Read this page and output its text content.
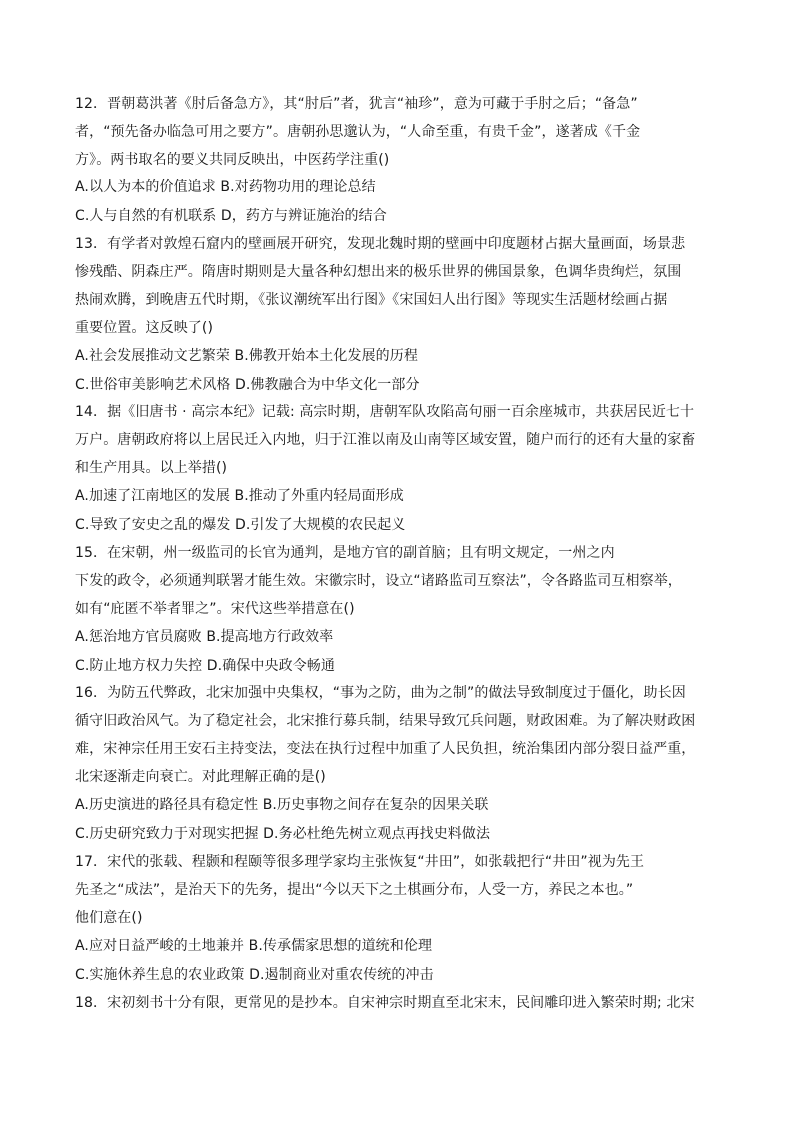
12．晋朝葛洪著《肘后备急方》，其“肘后”者，犹言“袖珍”，意为可藏于手肘之后；“备急”
者，“预先备办临急可用之要方”。唐朝孙思邈认为，“人命至重，有贵千金”，遂著成《千金
方》。两书取名的要义共同反映出，中医药学注重()
A.以人为本的价值追求 B.对药物功用的理论总结
C.人与自然的有机联系 D，药方与辨证施治的结合
13．有学者对敦煌石窟内的壁画展开研究，发现北魏时期的壁画中印度题材占据大量画面，场景悲
惨残酷、阴森庄严。隋唐时期则是大量各种幻想出来的极乐世界的佛国景象，色调华贵绚烂，氛围
热闹欢腾，到晚唐五代时期，《张议潮统军出行图》《宋国妇人出行图》等现实生活题材绘画占据
重要位置。这反映了()
A.社会发展推动文艺繁荣 B.佛教开始本土化发展的历程
C.世俗审美影响艺术风格 D.佛教融合为中华文化一部分
14．据《旧唐书 · 高宗本纪》记载: 高宗时期，唐朝军队攻陷高句丽一百余座城市，共获居民近七十
万户。唐朝政府将以上居民迁入内地，归于江淮以南及山南等区域安置，随户而行的还有大量的家畜
和生产用具。以上举措()
A.加速了江南地区的发展 B.推动了外重内轻局面形成
C.导致了安史之乱的爆发 D.引发了大规模的农民起义
15．在宋朝，州一级监司的长官为通判，是地方官的副首脑；且有明文规定，一州之内
下发的政令，必须通判联署才能生效。宋徽宗时，设立“诸路监司互察法”，令各路监司互相察举，
如有“庇匿不举者罪之”。宋代这些举措意在()
A.惩治地方官员腐败 B.提高地方行政效率
C.防止地方权力失控 D.确保中央政令畅通
16．为防五代弊政，北宋加强中央集权，“事为之防，曲为之制”的做法导致制度过于僵化，助长因
循守旧政治风气。为了稳定社会，北宋推行募兵制，结果导致冗兵问题，财政困难。为了解决财政困
难，宋神宗任用王安石主持变法，变法在执行过程中加重了人民负担，统治集团内部分裂日益严重，
北宋逐渐走向衰亡。对此理解正确的是()
A.历史演进的路径具有稳定性 B.历史事物之间存在复杂的因果关联
C.历史研究致力于对现实把握 D.务必杜绝先树立观点再找史料做法
17．宋代的张载、程颢和程颐等很多理学家均主张恢复“井田”，如张载把行“井田”视为先王
先圣之“成法”，是治天下的先务，提出“今以天下之土棋画分布，人受一方，养民之本也。”
他们意在()
A.应对日益严峻的土地兼并 B.传承儒家思想的道统和伦理
C.实施休养生息的农业政策 D.遏制商业对重农传统的冲击
18．宋初刻书十分有限，更常见的是抄本。自宋神宗时期直至北宋末，民间雕印进入繁荣时期; 北宋
